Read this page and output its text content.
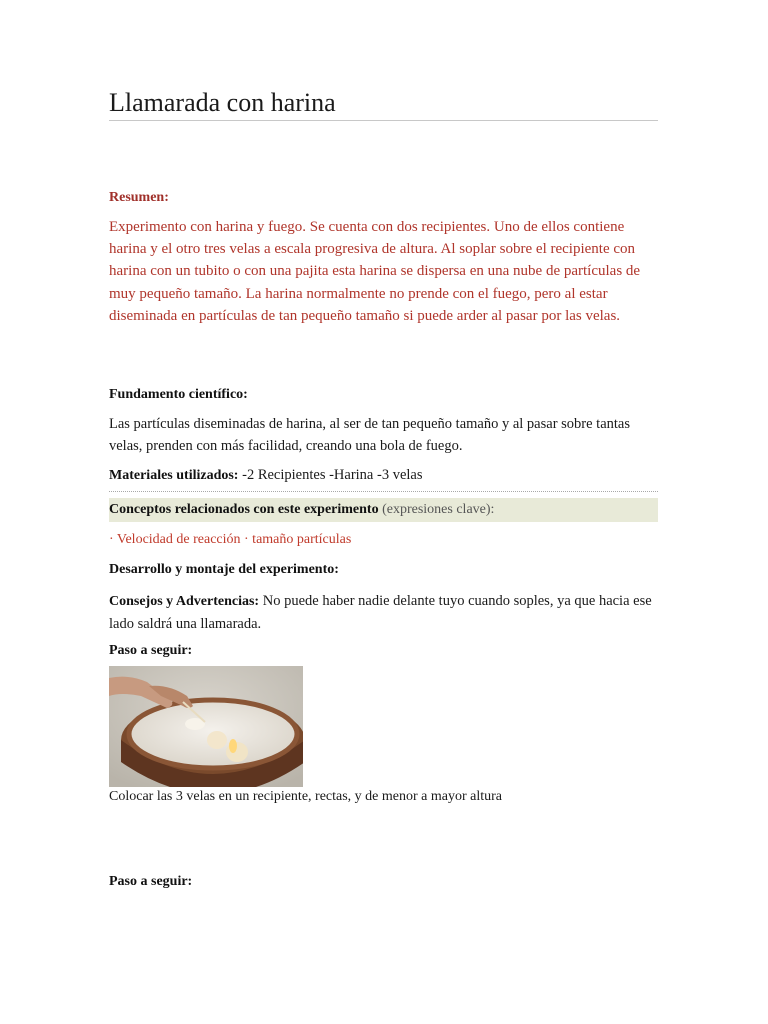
Llamarada con harina
Resumen:

Experimento con harina y fuego. Se cuenta con dos recipientes. Uno de ellos contiene harina y el otro tres velas a escala progresiva de altura. Al soplar sobre el recipiente con harina con un tubito o con una pajita esta harina se dispersa en una nube de partículas de muy pequeño tamaño. La harina normalmente no prende con el fuego, pero al estar diseminada en partículas de tan pequeño tamaño si puede arder al pasar por las velas.

Fundamento científico:

Las partículas diseminadas de harina, al ser de tan pequeño tamaño y al pasar sobre tantas velas, prenden con más facilidad, creando una bola de fuego.

Materiales utilizados: -2 Recipientes -Harina -3 velas
Conceptos relacionados con este experimento (expresiones clave):
· Velocidad de reacción · tamaño partículas
Desarrollo y montaje del experimento:

Consejos y Advertencias: No puede haber nadie delante tuyo cuando soples, ya que hacia ese lado saldrá una llamarada.

Paso a seguir:
Colocar las 3 velas en un recipiente, rectas, y de menor a mayor altura
Paso a seguir:
